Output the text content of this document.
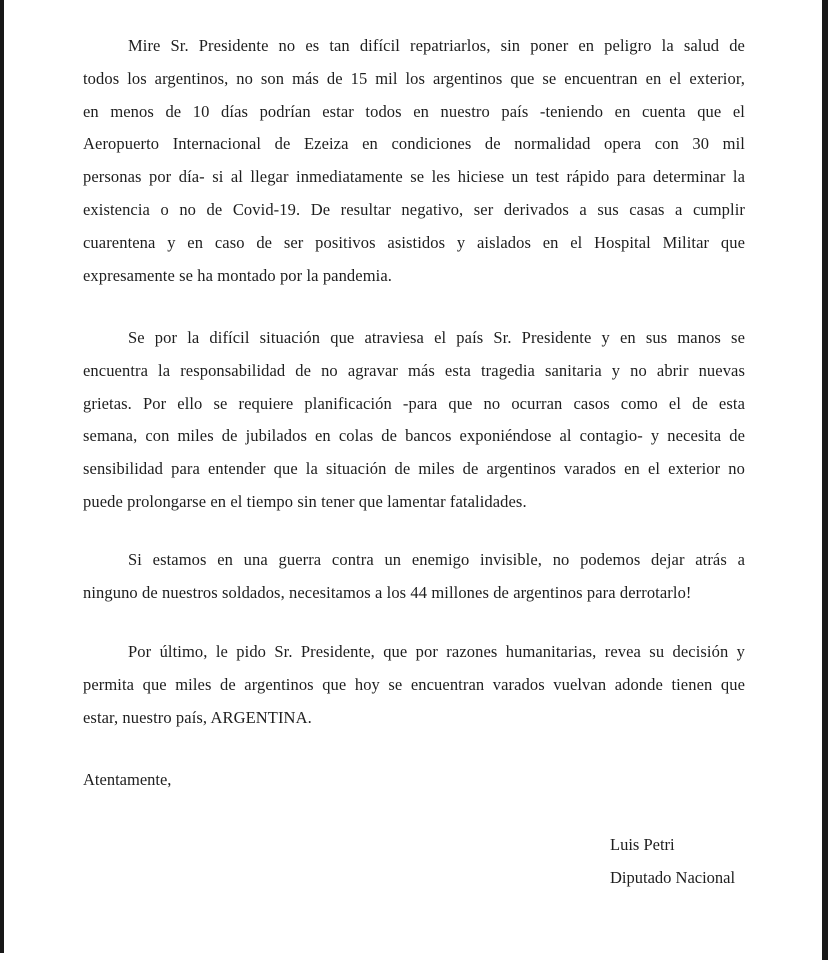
Mire Sr. Presidente no es tan difícil repatriarlos, sin poner en peligro la salud de
todos los argentinos, no son más de 15 mil los argentinos que se encuentran en el exterior,
en menos de 10 días podrían estar todos en nuestro país -teniendo en cuenta que el
Aeropuerto Internacional de Ezeiza en condiciones de normalidad opera con 30 mil
personas por día- si al llegar inmediatamente se les hiciese un test rápido para determinar la
existencia o no de Covid-19. De resultar negativo, ser derivados a sus casas a cumplir
cuarentena y en caso de ser positivos asistidos y aislados en el Hospital Militar que
expresamente se ha montado por la pandemia.
Se por la difícil situación que atraviesa el país Sr. Presidente y en sus manos se
encuentra la responsabilidad de no agravar más esta tragedia sanitaria y no abrir nuevas
grietas. Por ello se requiere planificación -para que no ocurran casos como el de esta
semana, con miles de jubilados en colas de bancos exponiéndose al contagio- y necesita de
sensibilidad para entender que la situación de miles de argentinos varados en el exterior no
puede prolongarse en el tiempo sin tener que lamentar fatalidades.
Si estamos en una guerra contra un enemigo invisible, no podemos dejar atrás a
ninguno de nuestros soldados, necesitamos a los 44 millones de argentinos para derrotarlo!
Por último, le pido Sr. Presidente, que por razones humanitarias, revea su decisión y
permita que miles de argentinos que hoy se encuentran varados vuelvan adonde tienen que
estar, nuestro país, ARGENTINA.
Atentamente,
Luis Petri
Diputado Nacional
